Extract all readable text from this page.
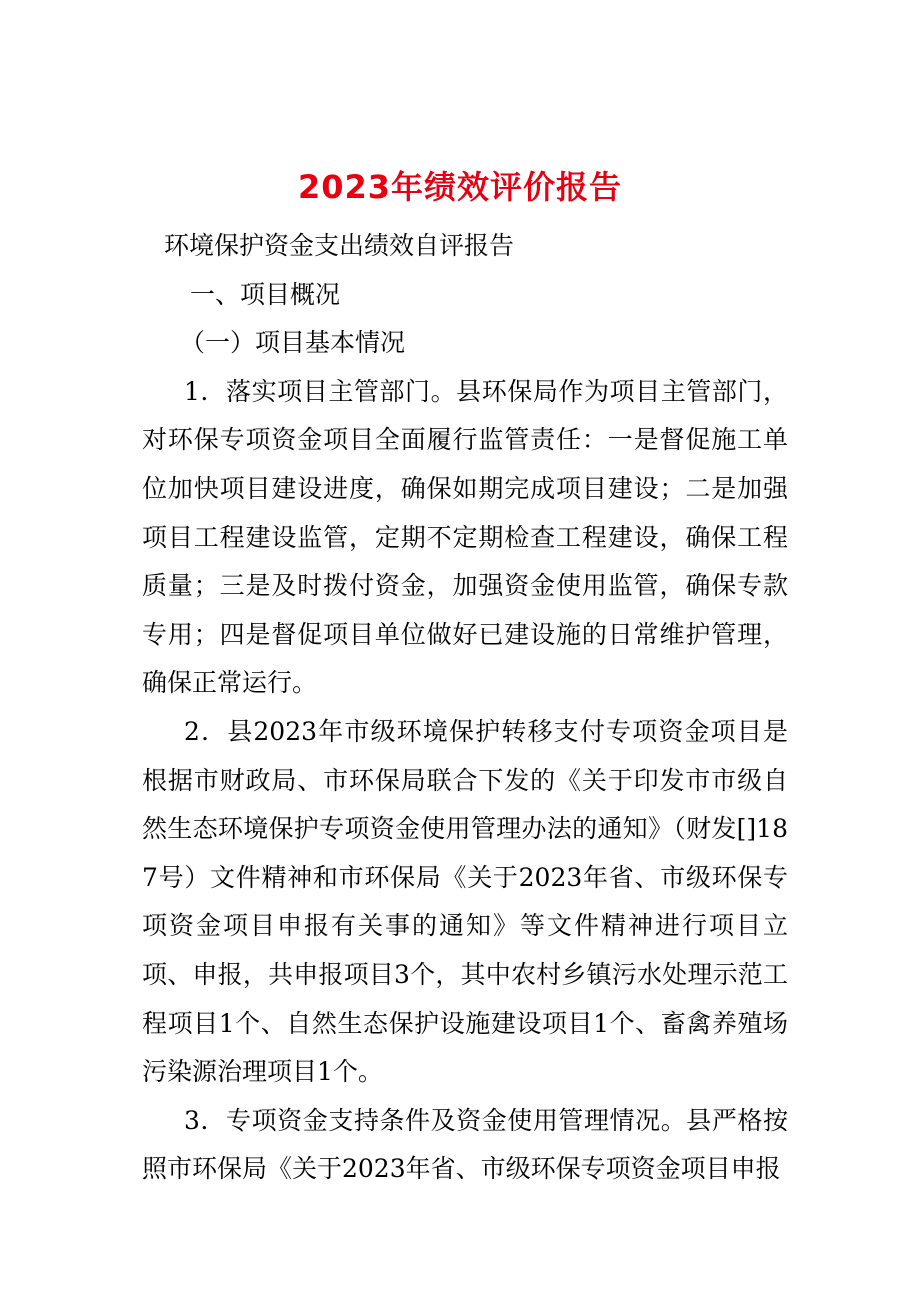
2023年绩效评价报告

环境保护资金支出绩效自评报告

一、项目概况

（一）项目基本情况

1．落实项目主管部门。县环保局作为项目主管部门，对环保专项资金项目全面履行监管责任：一是督促施工单位加快项目建设进度，确保如期完成项目建设；二是加强项目工程建设监管，定期不定期检查工程建设，确保工程质量；三是及时拨付资金，加强资金使用监管，确保专款专用；四是督促项目单位做好已建设施的日常维护管理，确保正常运行。

2．县2023年市级环境保护转移支付专项资金项目是根据市财政局、市环保局联合下发的《关于印发市市级自然生态环境保护专项资金使用管理办法的通知》（财发[]187号）文件精神和市环保局《关于2023年省、市级环保专项资金项目申报有关事的通知》等文件精神进行项目立项、申报，共申报项目3个，其中农村乡镇污水处理示范工程项目1个、自然生态保护设施建设项目1个、畜禽养殖场污染源治理项目1个。

3．专项资金支持条件及资金使用管理情况。县严格按照市环保局《关于2023年省、市级环保专项资金项目申报
